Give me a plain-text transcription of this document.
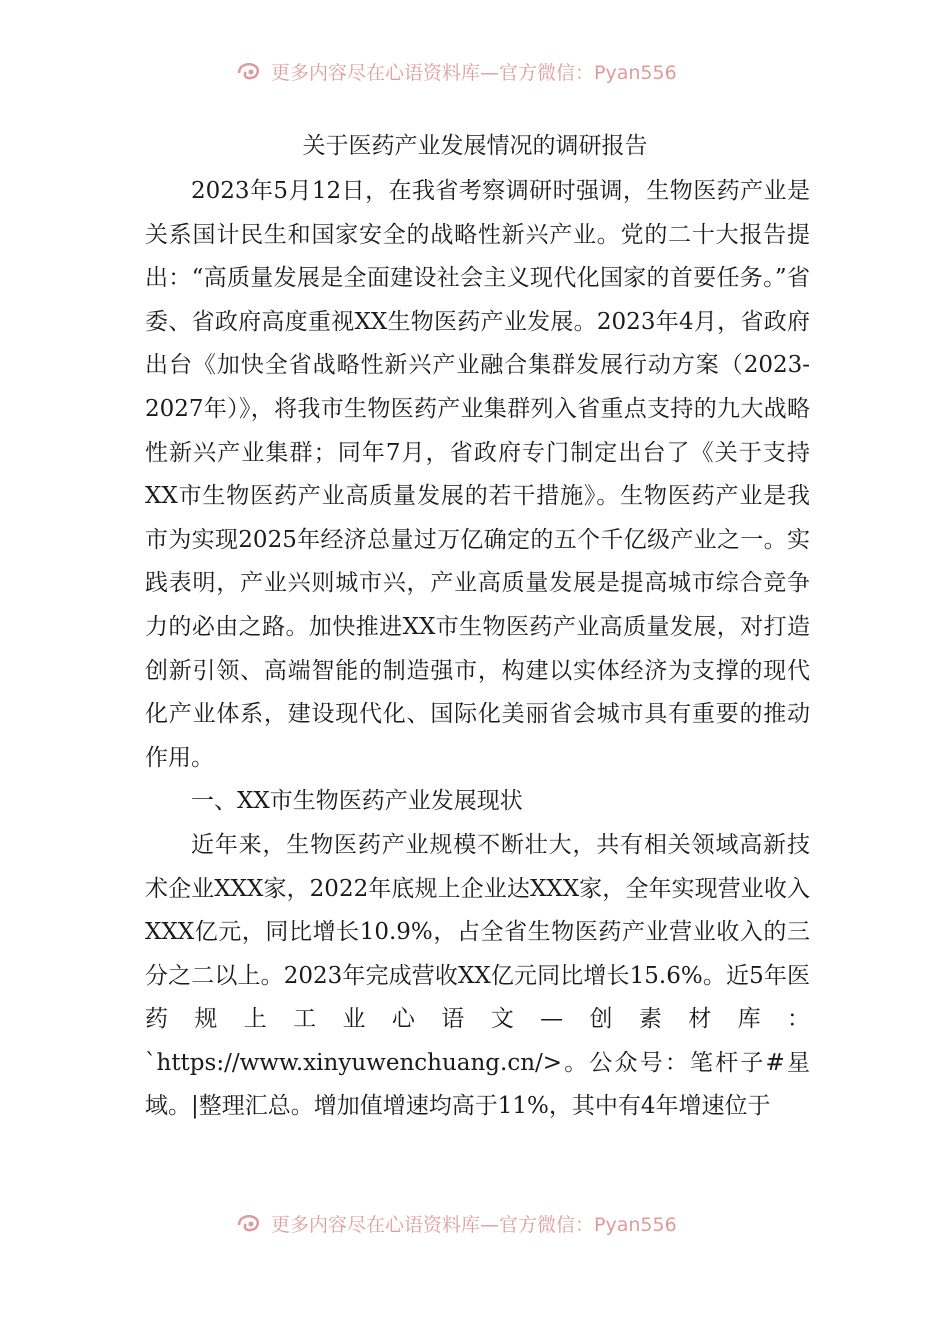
更多内容尽在心语资料库—官方微信：Pyan556
关于医药产业发展情况的调研报告

2023年5月12日，在我省考察调研时强调，生物医药产业是关系国计民生和国家安全的战略性新兴产业。党的二十大报告提出：“高质量发展是全面建设社会主义现代化国家的首要任务。”省委、省政府高度重视XX生物医药产业发展。2023年4月，省政府出台《加快全省战略性新兴产业融合集群发展行动方案（2023-2027年）》，将我市生物医药产业集群列入省重点支持的九大战略性新兴产业集群；同年7月，省政府专门制定出台了《关于支持XX市生物医药产业高质量发展的若干措施》。生物医药产业是我市为实现2025年经济总量过万亿确定的五个千亿级产业之一。实践表明，产业兴则城市兴，产业高质量发展是提高城市综合竞争力的必由之路。加快推进XX市生物医药产业高质量发展，对打造创新引领、高端智能的制造强市，构建以实体经济为支撑的现代化产业体系，建设现代化、国际化美丽省会城市具有重要的推动作用。

一、XX市生物医药产业发展现状

近年来，生物医药产业规模不断壮大，共有相关领域高新技术企业XXX家，2022年底规上企业达XXX家，全年实现营业收入XXX亿元，同比增长10.9%，占全省生物医药产业营业收入的三分之二以上。2023年完成营收XX亿元同比增长15.6%。近5年医药规上工业心语文—创素材库：`https://www.xinyuwenchuang.cn/>。公众号：笔杆子#星域。|整理汇总。增加值增速均高于11%，其中有4年增速位于

更多内容尽在心语资料库—官方微信：Pyan556
